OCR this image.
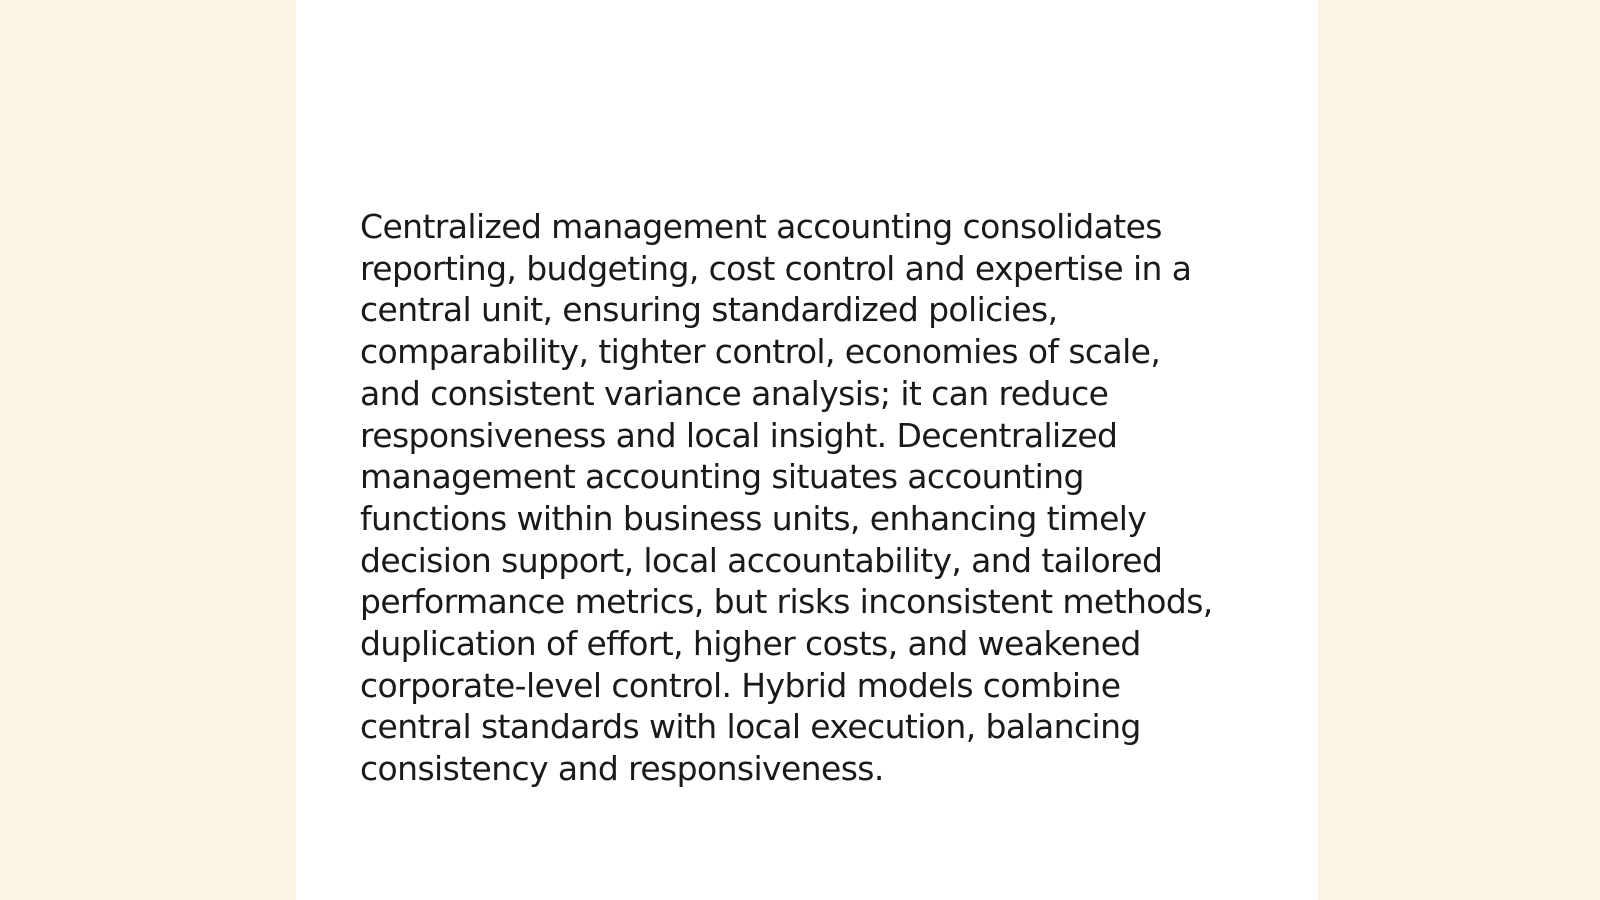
Centralized management accounting consolidates
reporting, budgeting, cost control and expertise in a
central unit, ensuring standardized policies,
comparability, tighter control, economies of scale,
and consistent variance analysis; it can reduce
responsiveness and local insight. Decentralized
management accounting situates accounting
functions within business units, enhancing timely
decision support, local accountability, and tailored
performance metrics, but risks inconsistent methods,
duplication of effort, higher costs, and weakened
corporate-level control. Hybrid models combine
central standards with local execution, balancing
consistency and responsiveness.
